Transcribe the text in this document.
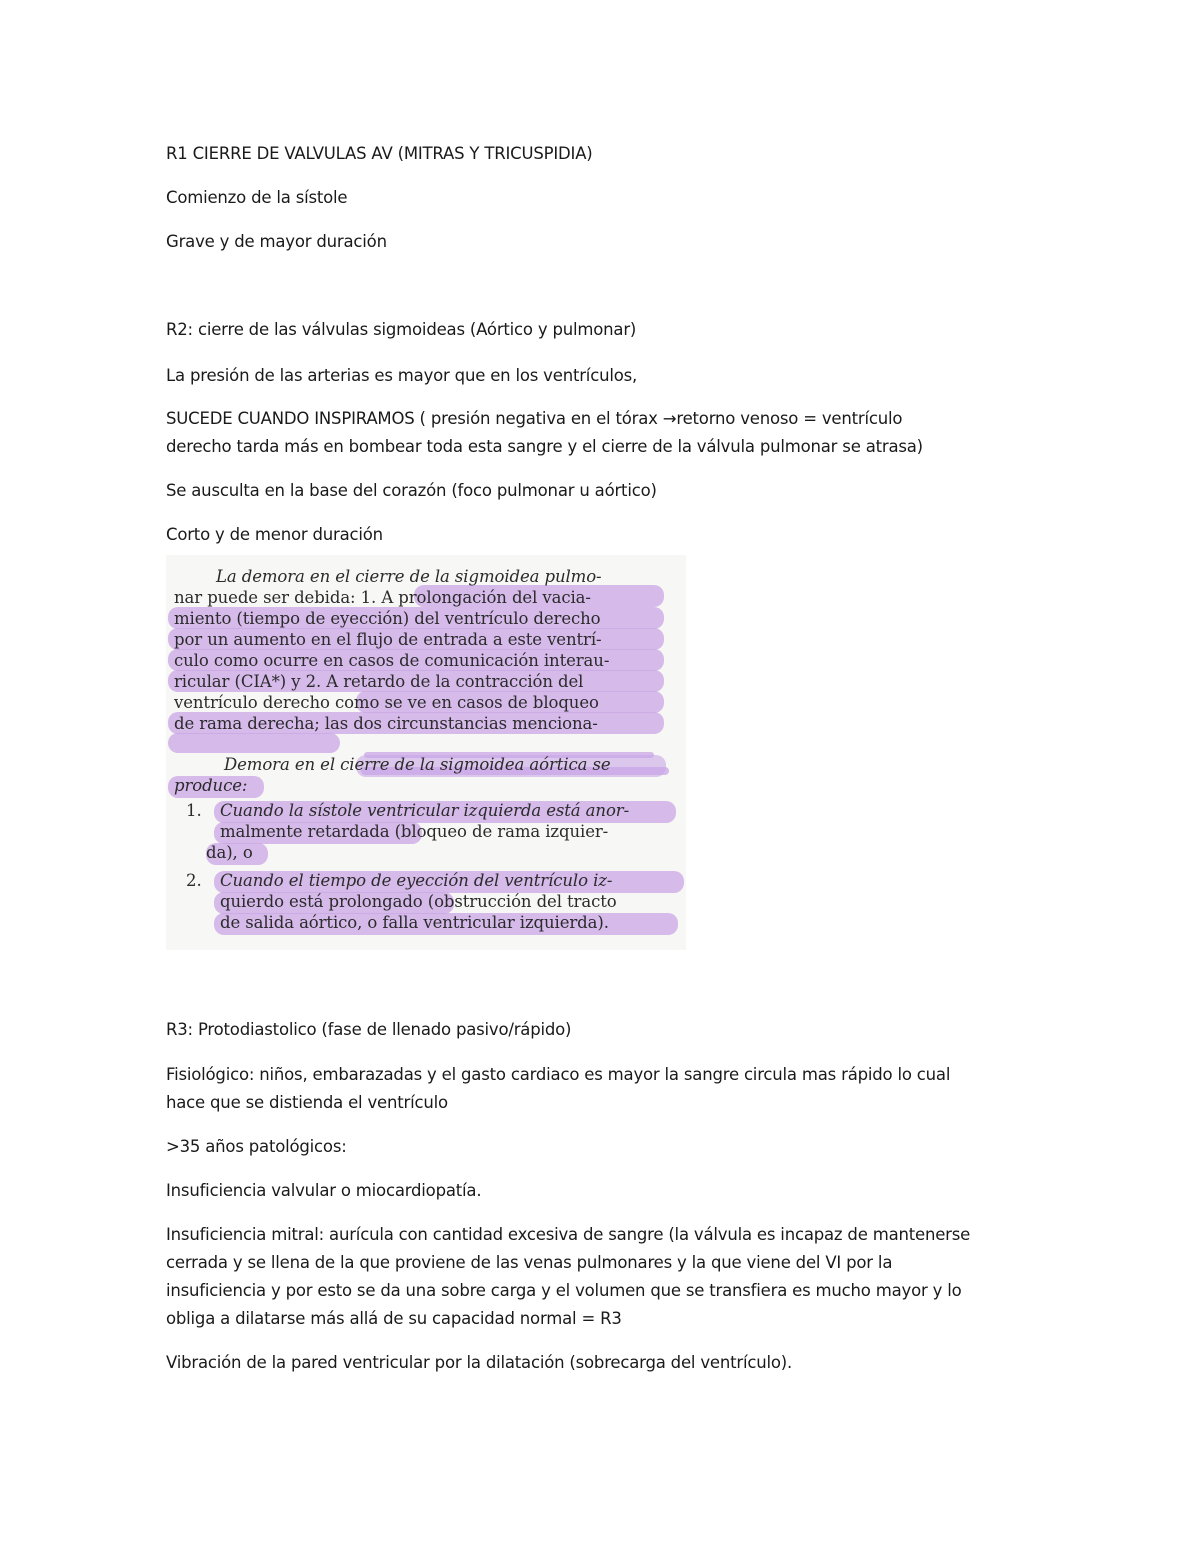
R1 CIERRE DE VALVULAS AV (MITRAS Y TRICUSPIDIA)

Comienzo de la sístole

Grave y de mayor duración

R2: cierre de las válvulas sigmoideas (Aórtico y pulmonar)

La presión de las arterias es mayor que en los ventrículos,

SUCEDE CUANDO INSPIRAMOS ( presión negativa en el tórax →retorno venoso = ventrículo

derecho tarda más en bombear toda esta sangre y el cierre de la válvula pulmonar se atrasa)

Se ausculta en la base del corazón (foco pulmonar u aórtico)

Corto y de menor duración

La demora en el cierre de la sigmoidea pulmo-

nar puede ser debida: 1. A prolongación del vacia-

miento (tiempo de eyección) del ventrículo derecho

por un aumento en el flujo de entrada a este ventrí-

culo como ocurre en casos de comunicación interau-

ricular (CIA*) y 2. A retardo de la contracción del

ventrículo derecho como se ve en casos de bloqueo

de rama derecha; las dos circunstancias menciona-

Demora en el cierre de la sigmoidea aórtica se

produce:

1. Cuando la sístole ventricular izquierda está anor-

malmente retardada (bloqueo de rama izquier-

da), o

2. Cuando el tiempo de eyección del ventrículo iz-

quierdo está prolongado (obstrucción del tracto

de salida aórtico, o falla ventricular izquierda).

R3: Protodiastolico (fase de llenado pasivo/rápido)

Fisiológico: niños, embarazadas y el gasto cardiaco es mayor la sangre circula mas rápido lo cual

hace que se distienda el ventrículo

>35 años patológicos:

Insuficiencia valvular o miocardiopatía.

Insuficiencia mitral: aurícula con cantidad excesiva de sangre (la válvula es incapaz de mantenerse

cerrada y se llena de la que proviene de las venas pulmonares y la que viene del VI por la

insuficiencia y por esto se da una sobre carga y el volumen que se transfiera es mucho mayor y lo

obliga a dilatarse más allá de su capacidad normal = R3

Vibración de la pared ventricular por la dilatación (sobrecarga del ventrículo).
